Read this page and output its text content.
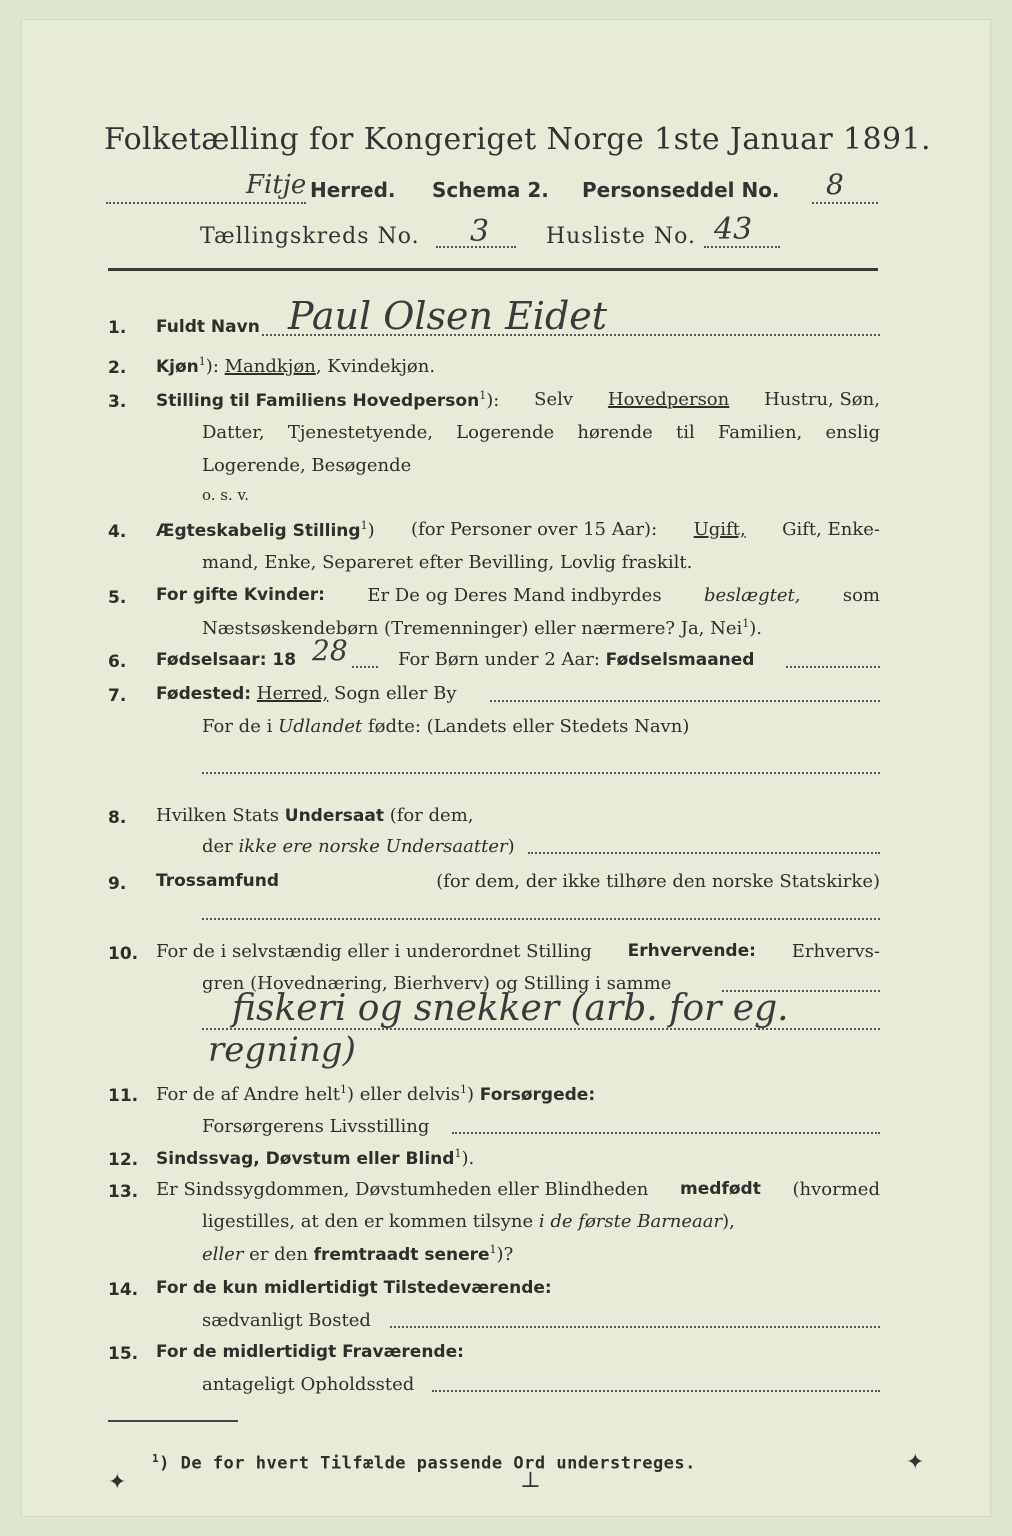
Folketælling for Kongeriget Norge 1ste Januar 1891.
Fitje Herred. Schema 2. Personseddel No. 8
Tællingskreds No. 3	Husliste No. 43
1. Fuldt Navn Paul Olsen Eidet
2. Kjøn$^1$): Mandkjøn, Kvindekjøn.
3. Stilling til Familiens Hovedperson$^1$): Selv Hovedperson Hustru, Søn,
Datter, Tjenestetyende, Logerende hørende til Familien, enslig
Logerende, Besøgende
o. s. v.
4. Ægteskabelig Stilling$^1$) (for Personer over 15 Aar): Ugift, Gift, Enke-
mand, Enke, Separeret efter Bevilling, Lovlig fraskilt.
5. For gifte Kvinder: Er De og Deres Mand indbyrdes beslægtet, som
Næstsøskendebørn (Tremenninger) eller nærmere? Ja, Nei$^1$).
6. Fødselsaar: 18 28	For Børn under 2 Aar: Fødselsmaaned
7. Fødested: Herred, Sogn eller By
For de i Udlandet fødte: (Landets eller Stedets Navn)
8. Hvilken Stats Undersaat (for dem,
der ikke ere norske Undersaatter)
9. Trossamfund	(for dem, der ikke tilhøre den norske Statskirke)
10. For de i selvstændig eller i underordnet Stilling Erhvervende: Erhvervs-
gren (Hovednæring, Bierhverv) og Stilling i samme
fiskeri og snekker (arb. for eg.
regning)
11. For de af Andre helt$^1$) eller delvis$^1$) Forsørgede:
Forsørgerens Livsstilling
12. Sindssvag, Døvstum eller Blind$^1$).
13. Er Sindssygdommen, Døvstumheden eller Blindheden medfødt (hvormed
ligestilles, at den er kommen tilsyne i de første Barneaar),
eller er den fremtraadt senere$^1$)?
14. For de kun midlertidigt Tilstedeværende:
sædvanligt Bosted
15. For de midlertidigt Fraværende:
antageligt Opholdssted
$^1$) De for hvert Tilfælde passende Ord understreges.
✦	⊥
✦
